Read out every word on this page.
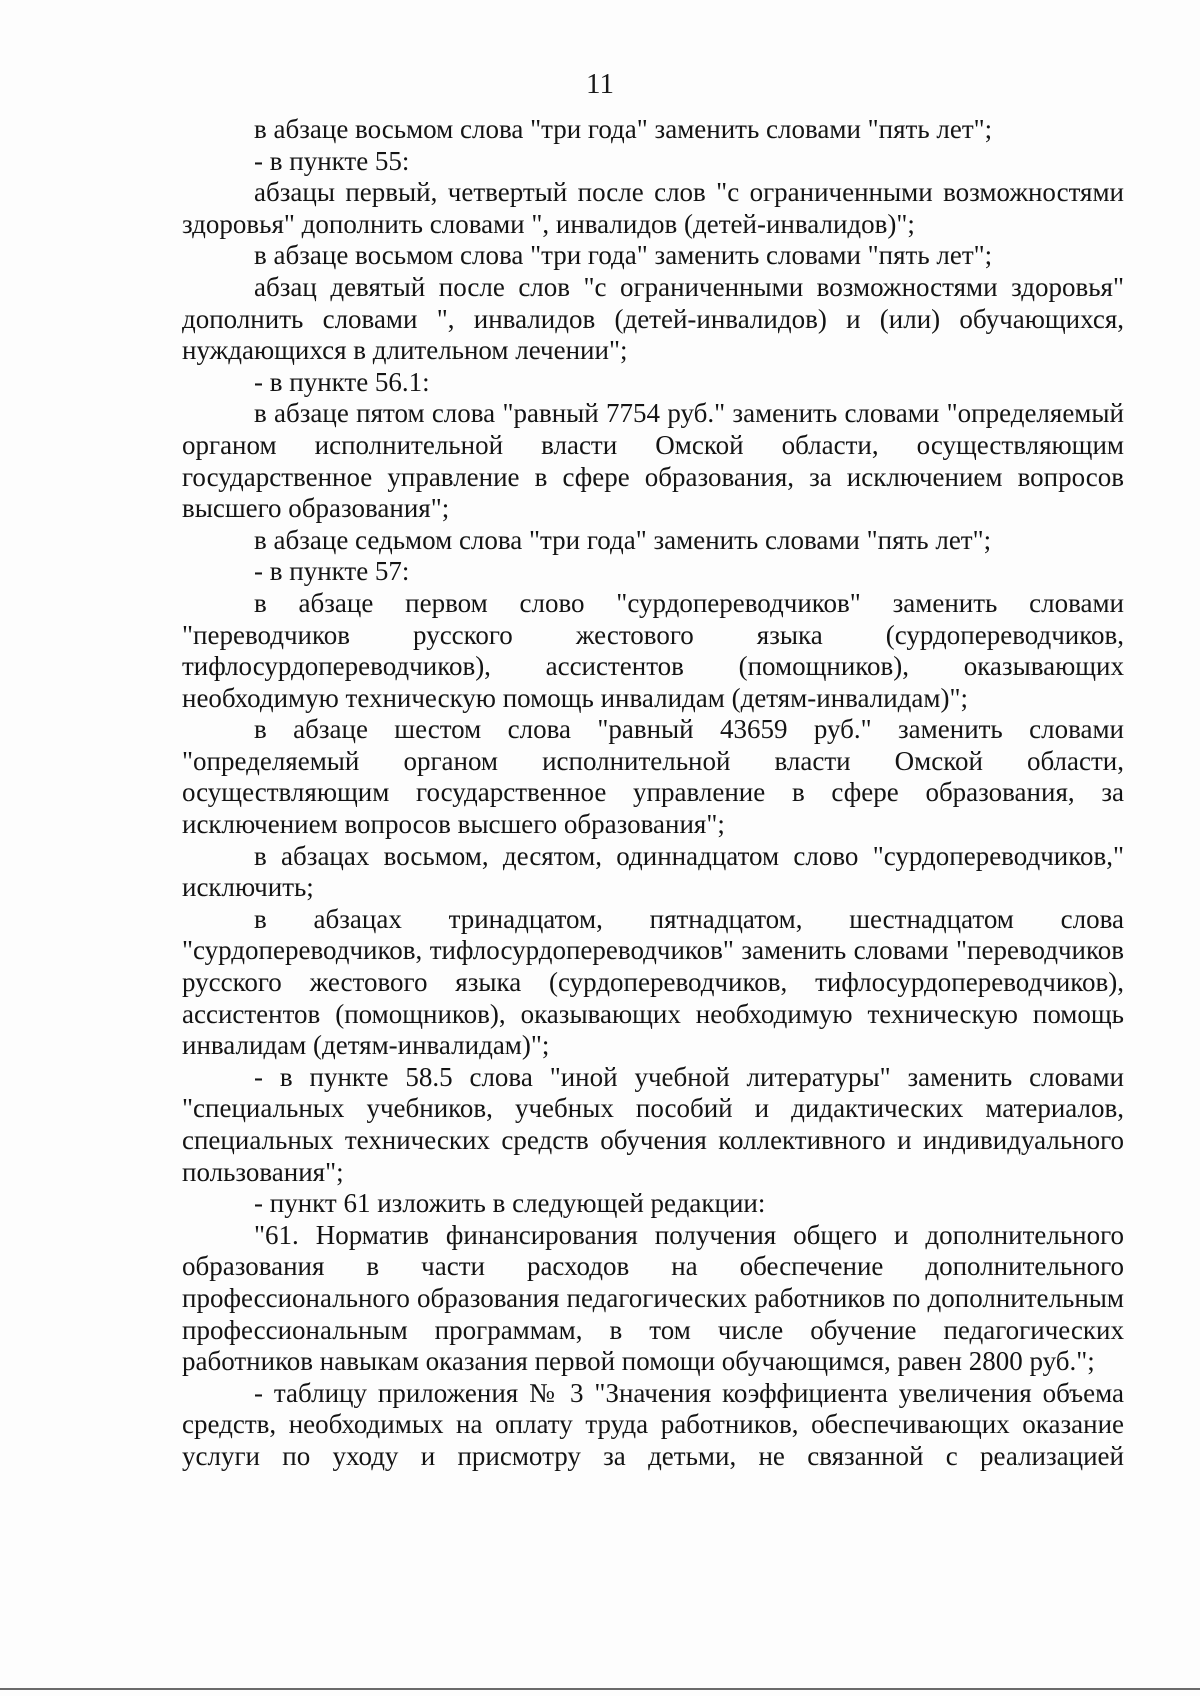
11

в абзаце восьмом слова "три года" заменить словами "пять лет";

- в пункте 55:

абзацы первый, четвертый после слов "с ограниченными возможностями здоровья" дополнить словами ", инвалидов (детей-инвалидов)";

в абзаце восьмом слова "три года" заменить словами "пять лет";

абзац девятый после слов "с ограниченными возможностями здоровья" дополнить словами ", инвалидов (детей-инвалидов) и (или) обучающихся, нуждающихся в длительном лечении";

- в пункте 56.1:

в абзаце пятом слова "равный 7754 руб." заменить словами "определяемый органом исполнительной власти Омской области, осуществляющим государственное управление в сфере образования, за исключением вопросов высшего образования";

в абзаце седьмом слова "три года" заменить словами "пять лет";

- в пункте 57:

в абзаце первом слово "сурдопереводчиков" заменить словами "переводчиков русского жестового языка (сурдопереводчиков, тифлосурдопереводчиков), ассистентов (помощников), оказывающих необходимую техническую помощь инвалидам (детям-инвалидам)";

в абзаце шестом слова "равный 43659 руб." заменить словами "определяемый органом исполнительной власти Омской области, осуществляющим государственное управление в сфере образования, за исключением вопросов высшего образования";

в абзацах восьмом, десятом, одиннадцатом слово "сурдопереводчиков," исключить;

в абзацах тринадцатом, пятнадцатом, шестнадцатом слова "сурдопереводчиков, тифлосурдопереводчиков" заменить словами "переводчиков русского жестового языка (сурдопереводчиков, тифлосурдопереводчиков), ассистентов (помощников), оказывающих необходимую техническую помощь инвалидам (детям-инвалидам)";

- в пункте 58.5 слова "иной учебной литературы" заменить словами "специальных учебников, учебных пособий и дидактических материалов, специальных технических средств обучения коллективного и индивидуального пользования";

- пункт 61 изложить в следующей редакции:

"61. Норматив финансирования получения общего и дополнительного образования в части расходов на обеспечение дополнительного профессионального образования педагогических работников по дополнительным профессиональным программам, в том числе обучение педагогических работников навыкам оказания первой помощи обучающимся, равен 2800 руб.";

- таблицу приложения № 3 "Значения коэффициента увеличения объема средств, необходимых на оплату труда работников, обеспечивающих оказание услуги по уходу и присмотру за детьми, не связанной с реализацией
